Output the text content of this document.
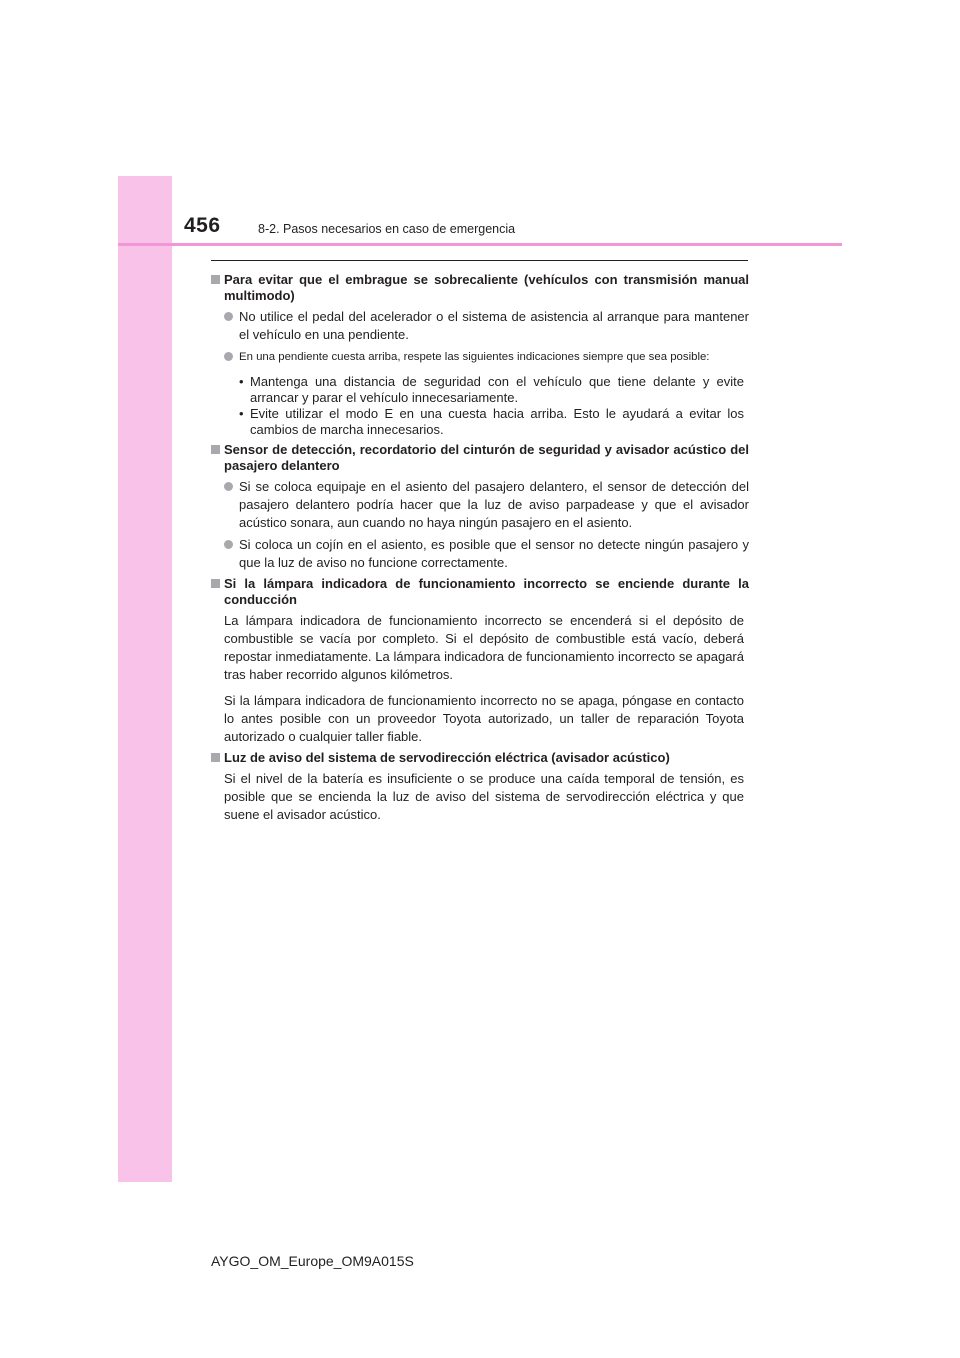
456	8-2. Pasos necesarios en caso de emergencia
Para evitar que el embrague se sobrecaliente (vehículos con transmisión manual multimodo)
No utilice el pedal del acelerador o el sistema de asistencia al arranque para mantener el vehículo en una pendiente.
En una pendiente cuesta arriba, respete las siguientes indicaciones siempre que sea posible:
• Mantenga una distancia de seguridad con el vehículo que tiene delante y evite arrancar y parar el vehículo innecesariamente.
• Evite utilizar el modo E en una cuesta hacia arriba. Esto le ayudará a evitar los cambios de marcha innecesarios.
Sensor de detección, recordatorio del cinturón de seguridad y avisador acústico del pasajero delantero
Si se coloca equipaje en el asiento del pasajero delantero, el sensor de detección del pasajero delantero podría hacer que la luz de aviso parpadease y que el avisador acústico sonara, aun cuando no haya ningún pasajero en el asiento.
Si coloca un cojín en el asiento, es posible que el sensor no detecte ningún pasajero y que la luz de aviso no funcione correctamente.
Si la lámpara indicadora de funcionamiento incorrecto se enciende durante la conducción
La lámpara indicadora de funcionamiento incorrecto se encenderá si el depósito de combustible se vacía por completo. Si el depósito de combustible está vacío, deberá repostar inmediatamente. La lámpara indicadora de funcionamiento incorrecto se apagará tras haber recorrido algunos kilómetros.
Si la lámpara indicadora de funcionamiento incorrecto no se apaga, póngase en contacto lo antes posible con un proveedor Toyota autorizado, un taller de reparación Toyota autorizado o cualquier taller fiable.
Luz de aviso del sistema de servodirección eléctrica (avisador acústico)
Si el nivel de la batería es insuficiente o se produce una caída temporal de tensión, es posible que se encienda la luz de aviso del sistema de servodirección eléctrica y que suene el avisador acústico.
AYGO_OM_Europe_OM9A015S
